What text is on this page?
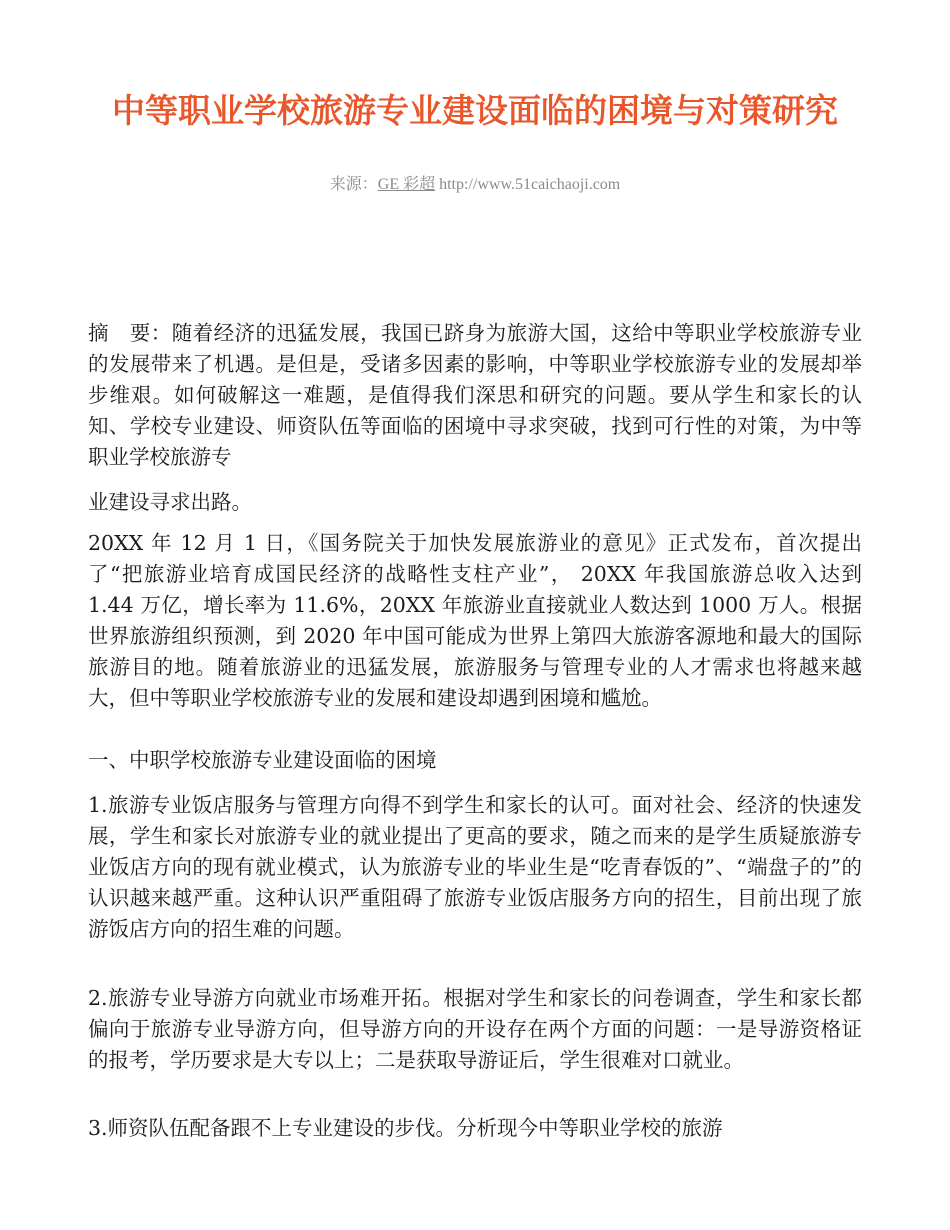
中等职业学校旅游专业建设面临的困境与对策研究
来源：GE 彩超 http://www.51caichaoji.com

摘　要：随着经济的迅猛发展，我国已跻身为旅游大国，这给中等职业学校旅游专业的发展带来了机遇。是但是，受诸多因素的影响，中等职业学校旅游专业的发展却举步维艰。如何破解这一难题，是值得我们深思和研究的问题。要从学生和家长的认知、学校专业建设、师资队伍等面临的困境中寻求突破，找到可行性的对策，为中等职业学校旅游专

业建设寻求出路。

20XX 年 12 月 1 日，《国务院关于加快发展旅游业的意见》正式发布，首次提出了“把旅游业培育成国民经济的战略性支柱产业”， 20XX 年我国旅游总收入达到 1.44 万亿，增长率为 11.6%，20XX 年旅游业直接就业人数达到 1000 万人。根据世界旅游组织预测，到 2020 年中国可能成为世界上第四大旅游客源地和最大的国际旅游目的地。随着旅游业的迅猛发展，旅游服务与管理专业的人才需求也将越来越大，但中等职业学校旅游专业的发展和建设却遇到困境和尴尬。

一、中职学校旅游专业建设面临的困境

1.旅游专业饭店服务与管理方向得不到学生和家长的认可。面对社会、经济的快速发展，学生和家长对旅游专业的就业提出了更高的要求，随之而来的是学生质疑旅游专业饭店方向的现有就业模式，认为旅游专业的毕业生是“吃青春饭的”、“端盘子的”的认识越来越严重。这种认识严重阻碍了旅游专业饭店服务方向的招生，目前出现了旅游饭店方向的招生难的问题。

2.旅游专业导游方向就业市场难开拓。根据对学生和家长的问卷调查，学生和家长都偏向于旅游专业导游方向，但导游方向的开设存在两个方面的问题：一是导游资格证的报考，学历要求是大专以上；二是获取导游证后，学生很难对口就业。

3.师资队伍配备跟不上专业建设的步伐。分析现今中等职业学校的旅游
